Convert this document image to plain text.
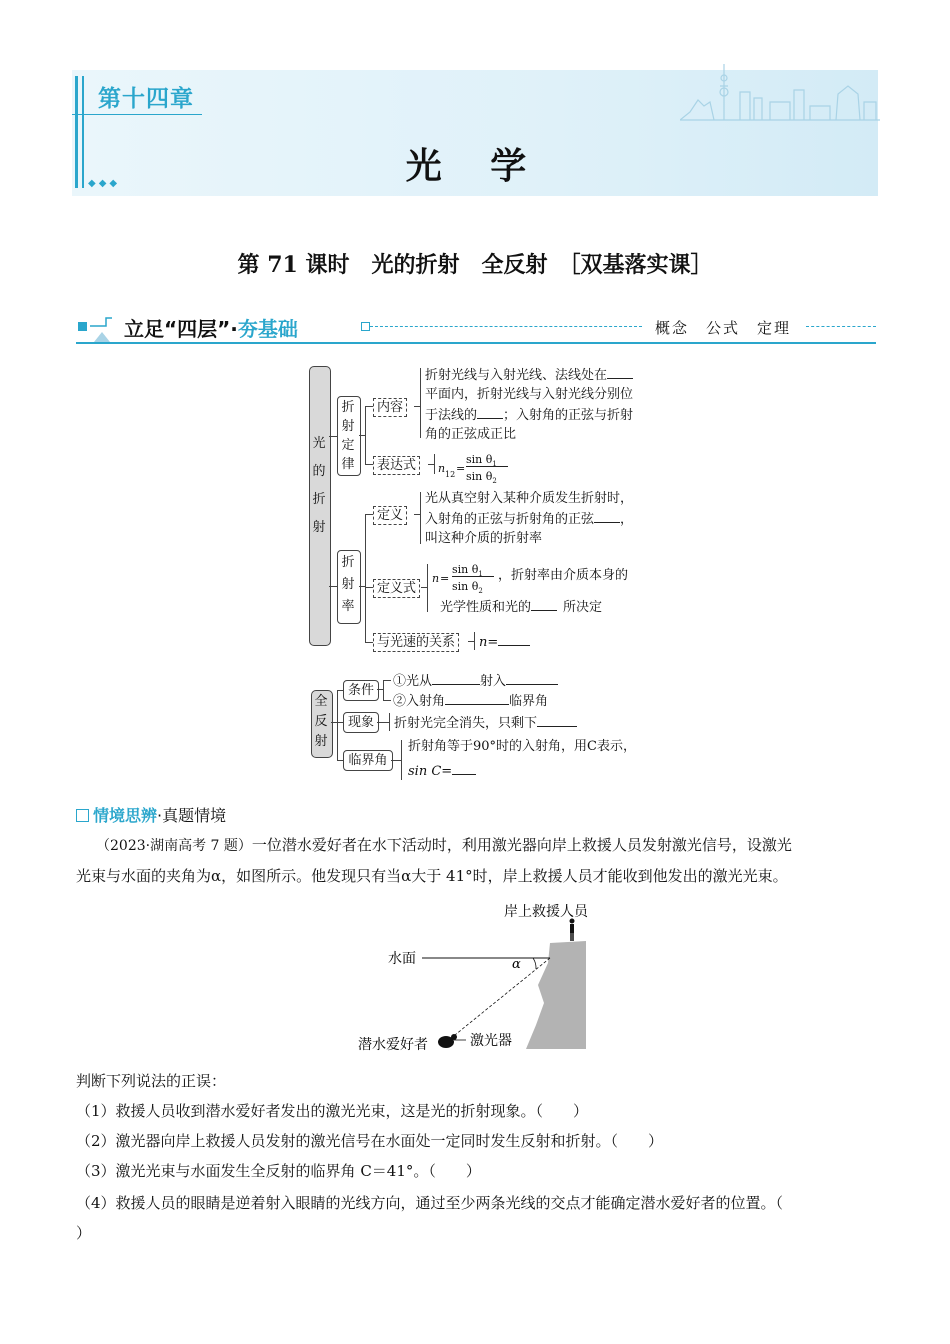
第十四章
光 学
◆◆◆
第 71 课时　光的折射　全反射　［双基落实课］
立足“四层”·夯基础	概念　公式　定理
光
的
折
射
折
射
定
律
内容
折射光线与入射光线、法线处在
平面内，折射光线与入射光线分别位
于法线的 ；入射角的正弦与折射
角的正弦成正比
表达式	n 12 =
$\sin \theta_1$
$\sin \theta_2$
折
射
率
定义
光从真空射入某种介质发生折射时，
入射角的正弦与折射角的正弦 ，
叫这种介质的折射率
定义式
n =
$\sin \theta_1$
$\sin \theta_2$
，折射率由介质本身的
光学性质和光的 所决定
与光速的关系	n=
全
反
射
条件
①光从	射入
②入射角	临界角
现象	折射光完全消失，只剩下
临界角
折射角等于90°时的入射角，用C表示，
sin C=
情境思辨·真题情境
（2023·湖南高考 7 题）一位潜水爱好者在水下活动时，利用激光器向岸上救援人员发射激光信号，设激光
光束与水面的夹角为α，如图所示。他发现只有当α大于 41°时，岸上救援人员才能收到他发出的激光光束。
岸上救援人员
水面	α
潜水爱好者	激光器
判断下列说法的正误：
（1）救援人员收到潜水爱好者发出的激光光束，这是光的折射现象。（　　）
（2）激光器向岸上救援人员发射的激光信号在水面处一定同时发生反射和折射。（　　）
（3）激光光束与水面发生全反射的临界角 C＝41°。（　　）
（4）救援人员的眼睛是逆着射入眼睛的光线方向，通过至少两条光线的交点才能确定潜水爱好者的位置。（
）
